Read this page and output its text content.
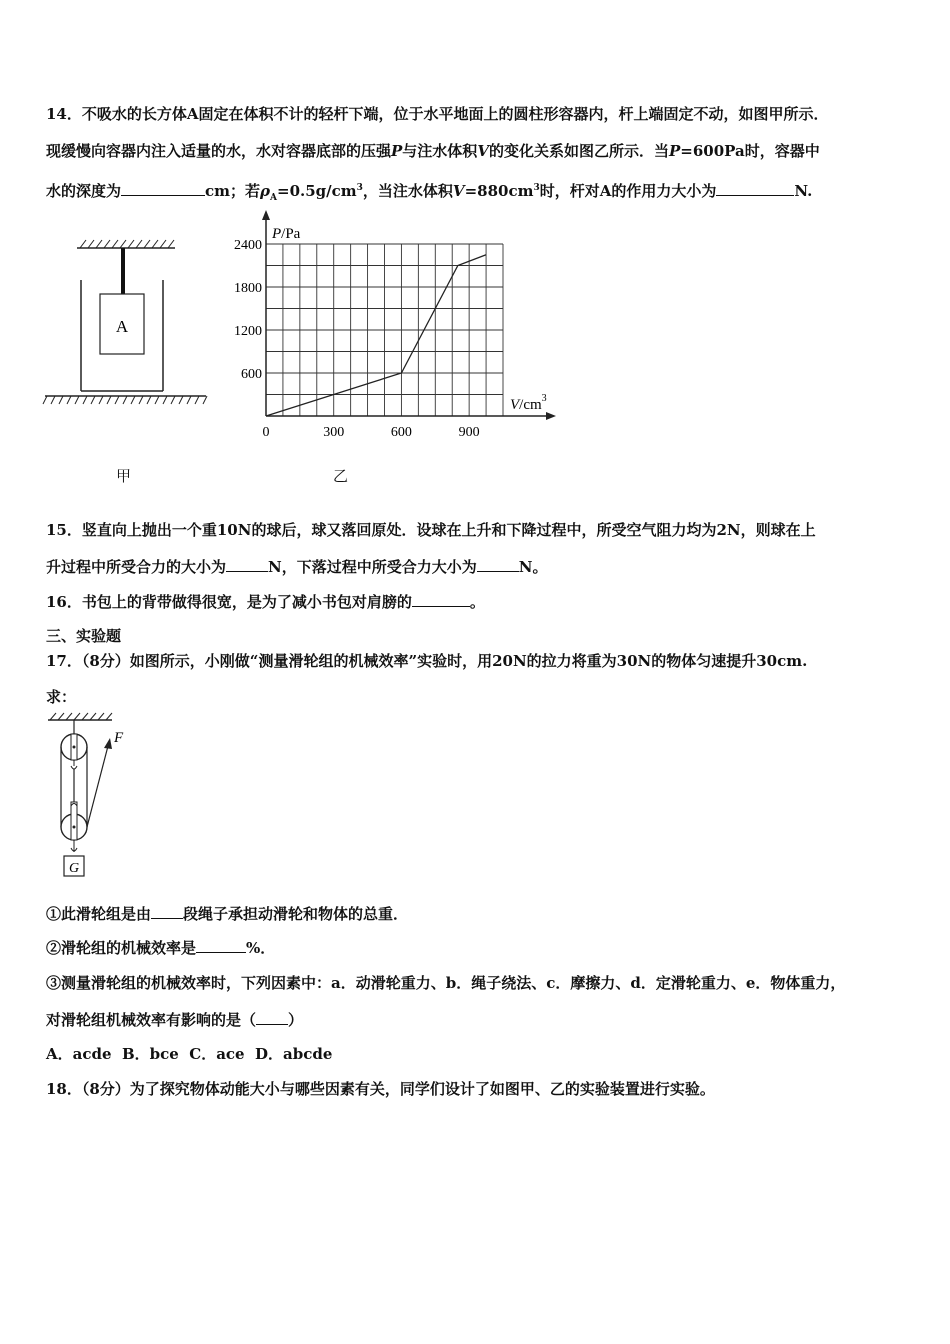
14．不吸水的长方体A固定在体积不计的轻杆下端，位于水平地面上的圆柱形容器内，杆上端固定不动，如图甲所示．
现缓慢向容器内注入适量的水，水对容器底部的压强P与注水体积V的变化关系如图乙所示．当P=600Pa时，容器中
水的深度为	cm；若$\rho_A=0.5g/cm^3$，当注水体积$V=880cm^3$时，杆对A的作用力大小为	N.
A
P/Pa
$V/cm^3$
0	300	600	900
600
1200
1800
2400
甲	乙
15．竖直向上抛出一个重10N的球后，球又落回原处．设球在上升和下降过程中，所受空气阻力均为2N，则球在上
升过程中所受合力的大小为	N，下落过程中所受合力大小为	N。
16．书包上的背带做得很宽，是为了减小书包对肩膀的	。
三、实验题
17．（8分）如图所示，小刚做“测量滑轮组的机械效率”实验时，用20N的拉力将重为30N的物体匀速提升30cm.
求：
F
G
①此滑轮组是由 段绳子承担动滑轮和物体的总重．
②滑轮组的机械效率是	%．
③测量滑轮组的机械效率时，下列因素中：a．动滑轮重力、b．绳子绕法、c．摩擦力、d．定滑轮重力、e．物体重力，
对滑轮组机械效率有影响的是（ ）
A．acde  B．bce  C．ace  D．abcde
18．（8分）为了探究物体动能大小与哪些因素有关，同学们设计了如图甲、乙的实验装置进行实验。
